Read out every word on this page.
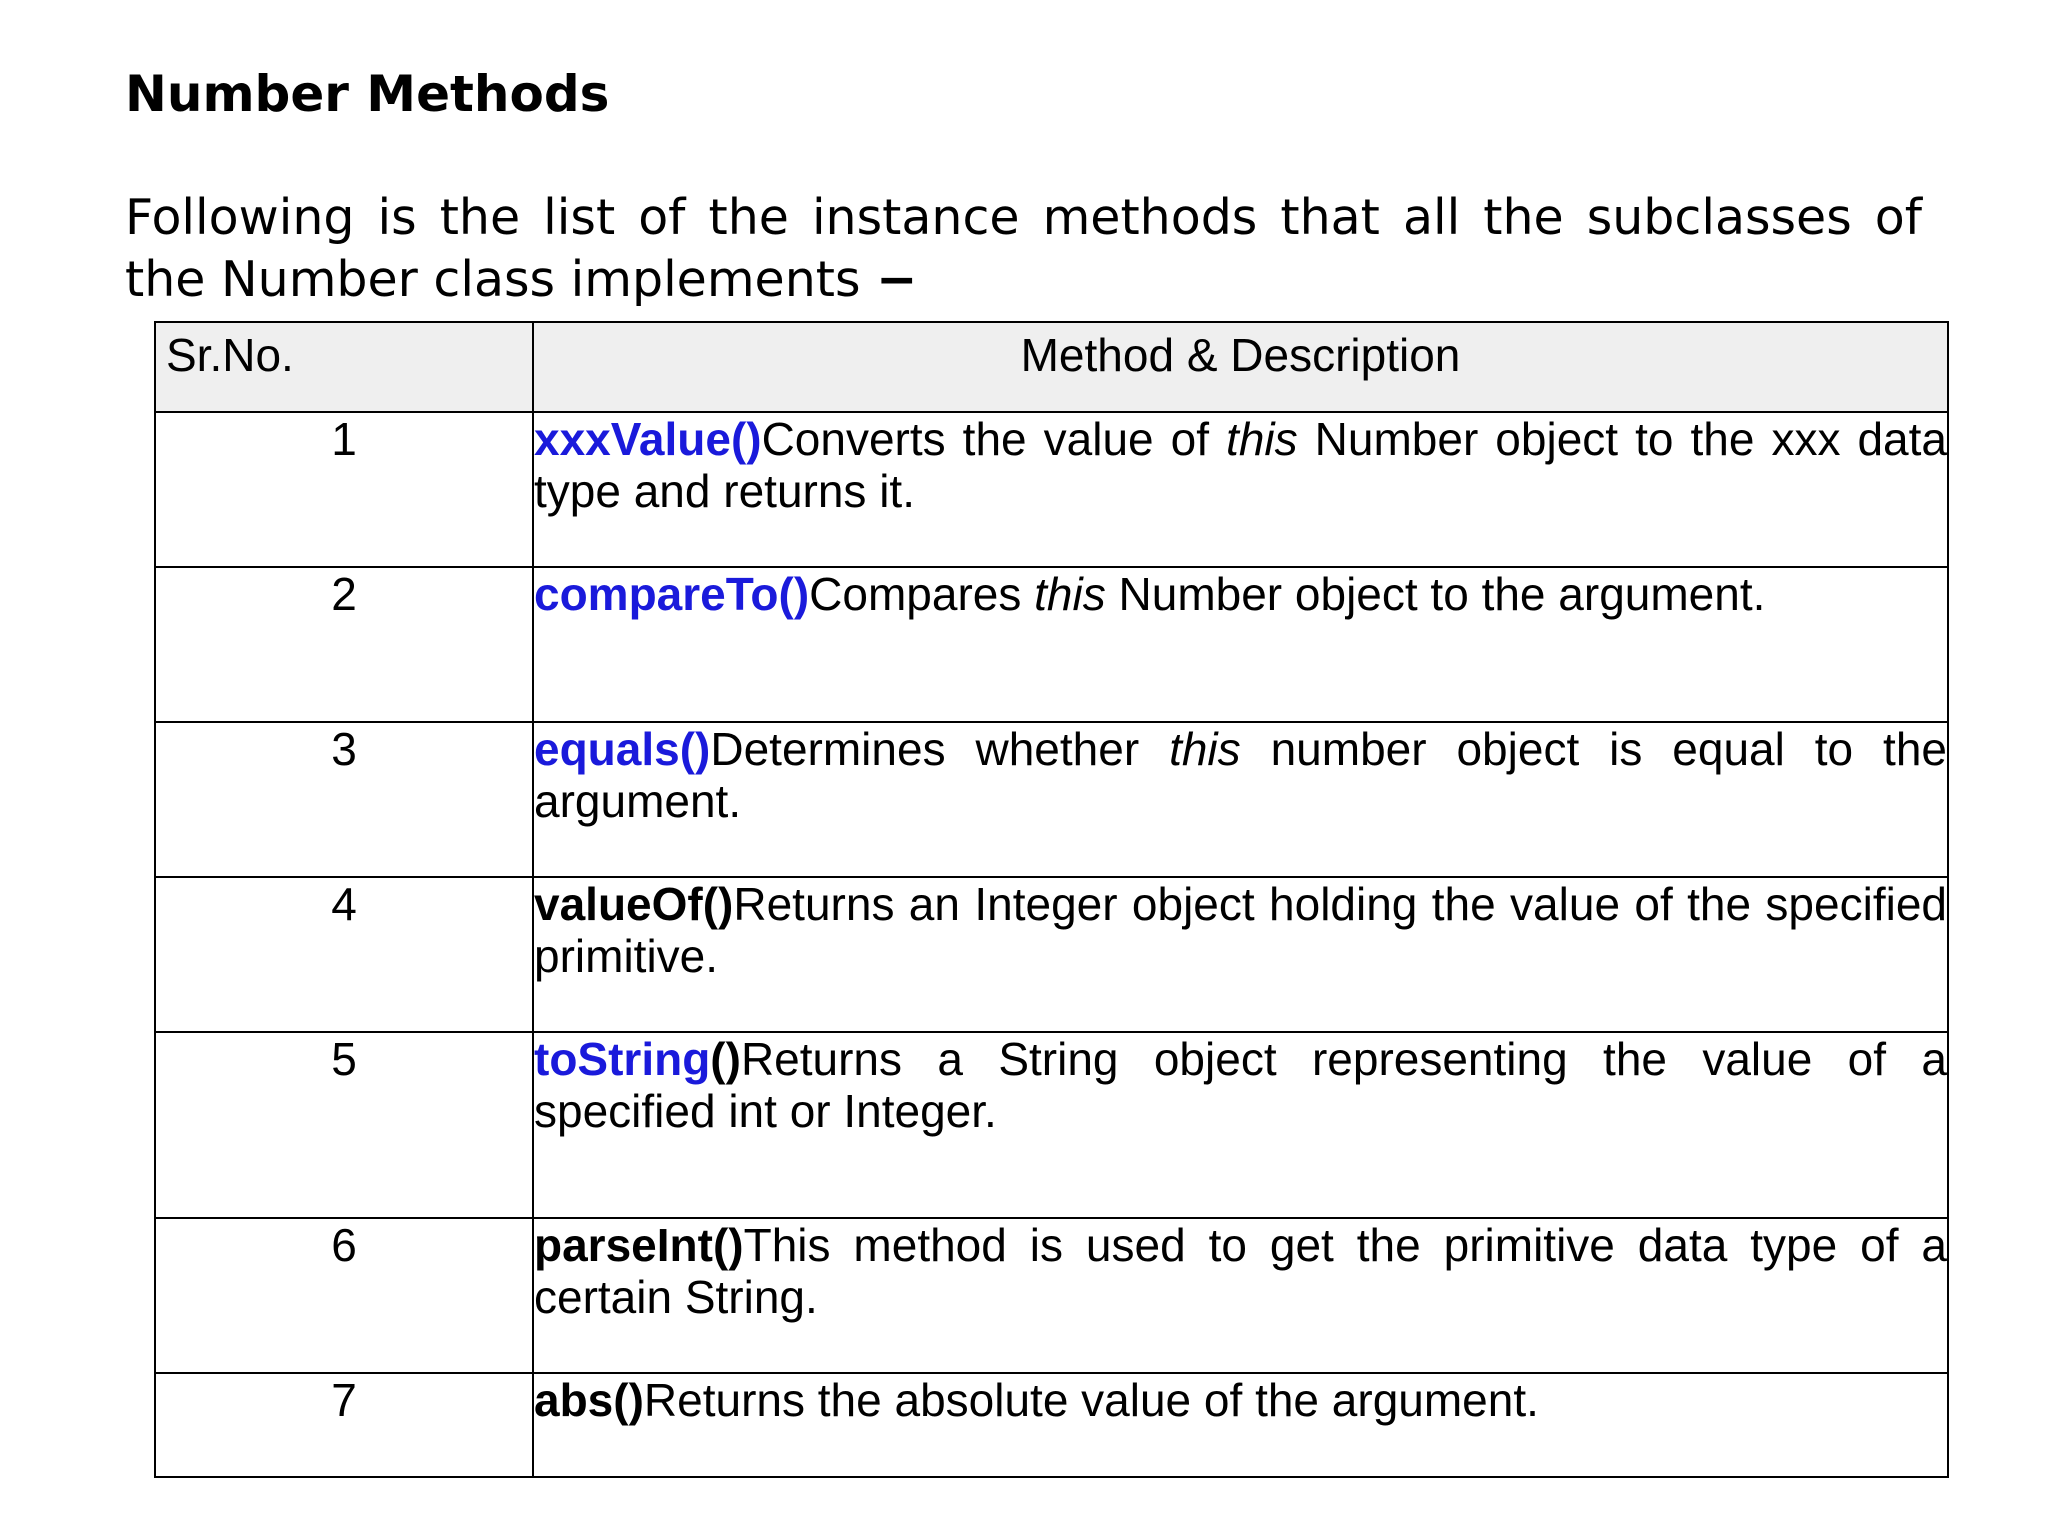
Number Methods

Following is the list of the instance methods that all the subclasses of the Number class implements −

Sr.No.	Method & Description
1	xxxValue()Converts the value of this Number object to the xxx data type and returns it.
2	compareTo()Compares this Number object to the argument.
3	equals()Determines whether this number object is equal to the argument.
4	valueOf()Returns an Integer object holding the value of the specified primitive.
5	toString()Returns a String object representing the value of a specified int or Integer.
6	parseInt()This method is used to get the primitive data type of a certain String.
7	abs()Returns the absolute value of the argument.
